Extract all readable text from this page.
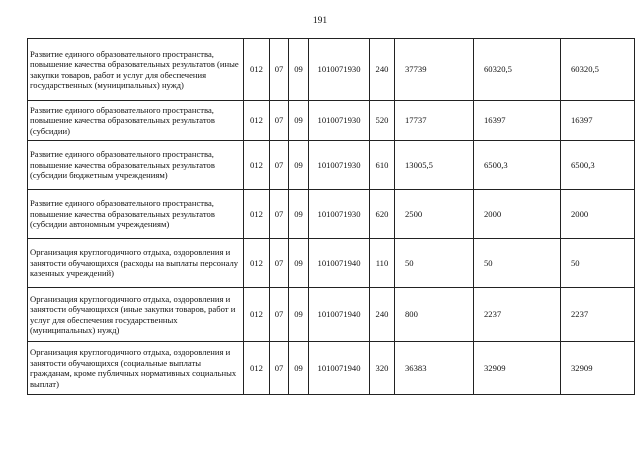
191
Развитие единого образовательного пространства, повышение качества образовательных результатов (иные закупки товаров, работ и услуг для обеспечения государственных (муниципальных) нужд)	012	07	09	1010071930	240	37739	60320,5	60320,5
Развитие единого образовательного пространства, повышение качества образовательных результатов (субсидии)	012	07	09	1010071930	520	17737	16397	16397
Развитие единого образовательного пространства, повышение качества образовательных результатов (субсидии бюджетным учреждениям)	012	07	09	1010071930	610	13005,5	6500,3	6500,3
Развитие единого образовательного пространства, повышение качества образовательных результатов (субсидии автономным учреждениям)	012	07	09	1010071930	620	2500	2000	2000
Организация круглогодичного отдыха, оздоровления и занятости обучающихся (расходы на выплаты персоналу казенных учреждений)	012	07	09	1010071940	110	50	50	50
Организация круглогодичного отдыха, оздоровления и занятости обучающихся (иные закупки товаров, работ и услуг для обеспечения государственных (муниципальных) нужд)	012	07	09	1010071940	240	800	2237	2237
Организация круглогодичного отдыха, оздоровления и занятости обучающихся (социальные выплаты гражданам, кроме публичных нормативных социальных выплат)	012	07	09	1010071940	320	36383	32909	32909
